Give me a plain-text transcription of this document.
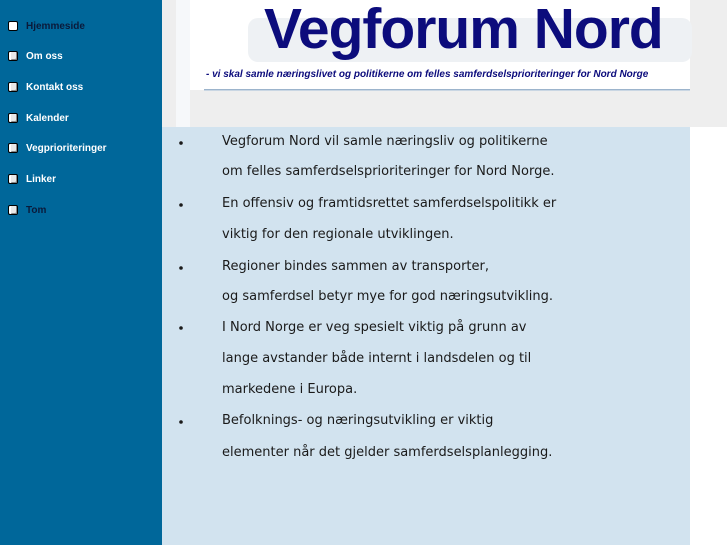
Hjemmeside
Om oss
Kontakt oss
Kalender
Vegprioriteringer
Linker
Tom
Vegforum Nord
- vi skal samle næringslivet og politikerne om felles samferdselsprioriteringer for Nord Norge
Vegforum Nord vil samle næringsliv og politikerne
om felles samferdselsprioriteringer for Nord Norge.
En offensiv og framtidsrettet samferdselspolitikk er
viktig for den regionale utviklingen.
Regioner bindes sammen av transporter,
og samferdsel betyr mye for god næringsutvikling.
I Nord Norge er veg spesielt viktig på grunn av
lange avstander både internt i landsdelen og til
markedene i Europa.
Befolknings- og næringsutvikling er viktig
elementer når det gjelder samferdselsplanlegging.
